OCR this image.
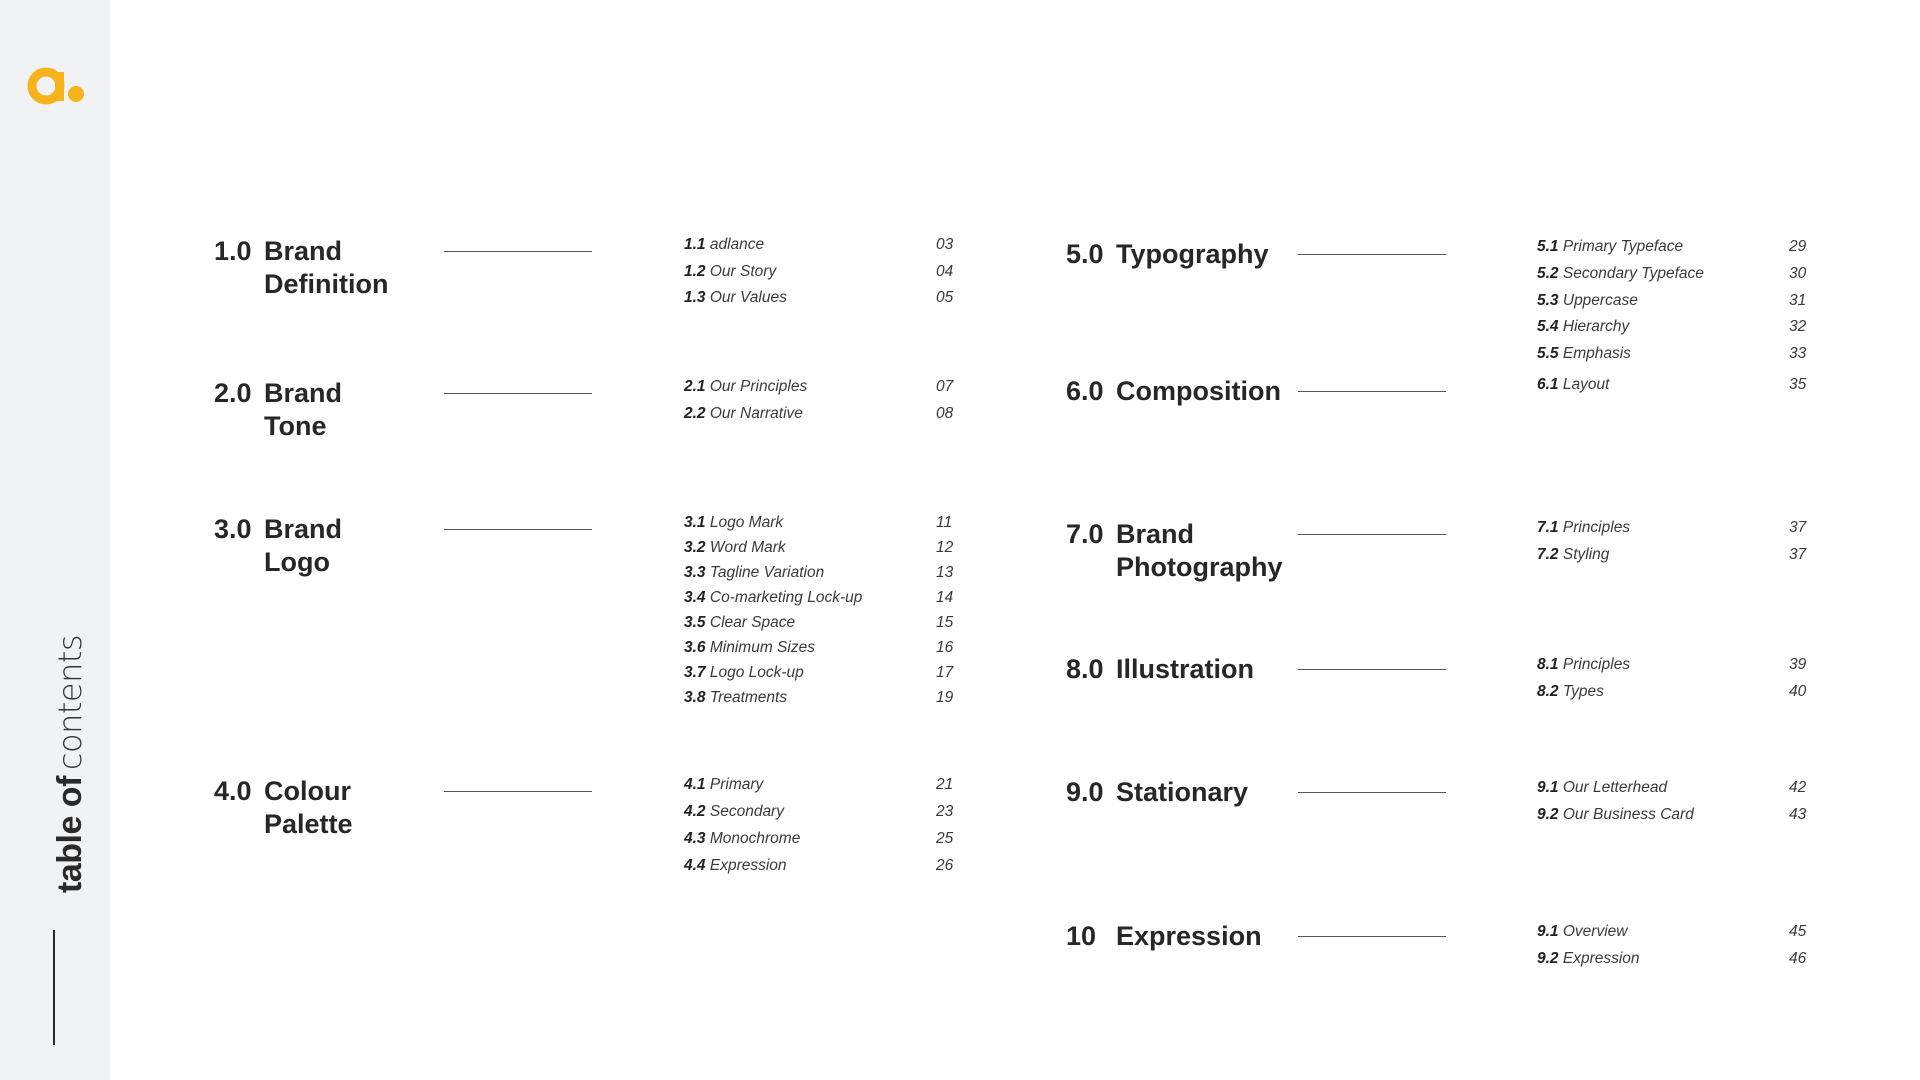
table ofcontents
1.0 Brand
Definition
2.0 Brand
Tone
3.0 Brand
Logo
4.0 Colour
Palette
5.0 Typography
6.0 Composition
7.0 Brand
Photography
8.0 Illustration
9.0 Stationary
10 Expression
1.1 adlance	03
1.2 Our Story	04
1.3 Our Values	05
2.1 Our Principles	07
2.2 Our Narrative	08
3.1 Logo Mark	11
3.2 Word Mark	12
3.3 Tagline Variation	13
3.4 Co-marketing Lock-up	14
3.5 Clear Space	15
3.6 Minimum Sizes	16
3.7 Logo Lock-up	17
3.8 Treatments	19
4.1 Primary	21
4.2 Secondary	23
4.3 Monochrome	25
4.4 Expression	26
5.1 Primary Typeface	29
5.2 Secondary Typeface	30
5.3 Uppercase	31
5.4 Hierarchy	32
5.5 Emphasis	33
6.1 Layout	35
7.1 Principles	37
7.2 Styling	37
8.1 Principles	39
8.2 Types	40
9.1 Our Letterhead	42
9.2 Our Business Card	43
9.1 Overview	45
9.2 Expression	46
